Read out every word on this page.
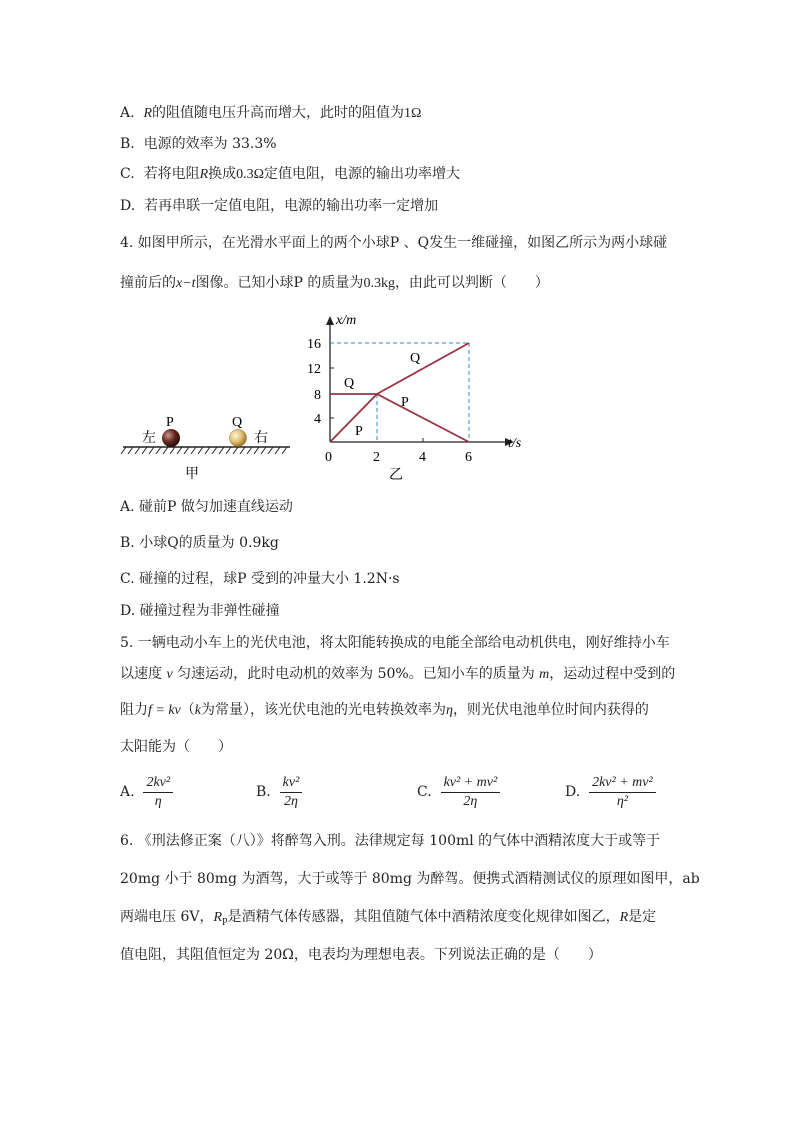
A. R的阻值随电压升高而增大，此时的阻值为1Ω
B. 电源的效率为 33.3%
C. 若将电阻R换成0.3Ω定值电阻，电源的输出功率增大
D. 若再串联一定值电阻，电源的输出功率一定增加
4. 如图甲所示，在光滑水平面上的两个小球P 、Q发生一维碰撞，如图乙所示为两小球碰
撞前后的x−t图像。已知小球P 的质量为0.3kg，由此可以判断（　　）
P	Q
左	右
甲
x/m
t/s
0	2	4	6
4
8
12
16
Q
P
Q
P
乙
A. 碰前P 做匀加速直线运动
B. 小球Q的质量为 0.9kg
C. 碰撞的过程，球P 受到的冲量大小 1.2N·s
D. 碰撞过程为非弹性碰撞
5. 一辆电动小车上的光伏电池，将太阳能转换成的电能全部给电动机供电，刚好维持小车
以速度 v 匀速运动，此时电动机的效率为 50%。已知小车的质量为 m，运动过程中受到的
阻力f = kv（k为常量），该光伏电池的光电转换效率为η，则光伏电池单位时间内获得的
太阳能为（　　）
A. $\frac{\text{2kv²}}{\eta}$	B. $\frac{\text{kv²}}{2\eta}$	C. $\frac{\text{kv² + mv²}}{2\eta}$	D. $\frac{\text{2kv² + mv²}}{\text{η²}}$
6. 《刑法修正案（八）》将醉驾入刑。法律规定每 100ml 的气体中酒精浓度大于或等于
20mg 小于 80mg 为酒驾，大于或等于 80mg 为醉驾。便携式酒精测试仪的原理如图甲，ab
两端电压 6V，$R_P$是酒精气体传感器，其阻值随气体中酒精浓度变化规律如图乙，R是定
值电阻，其阻值恒定为 20Ω，电表均为理想电表。下列说法正确的是（　　）
